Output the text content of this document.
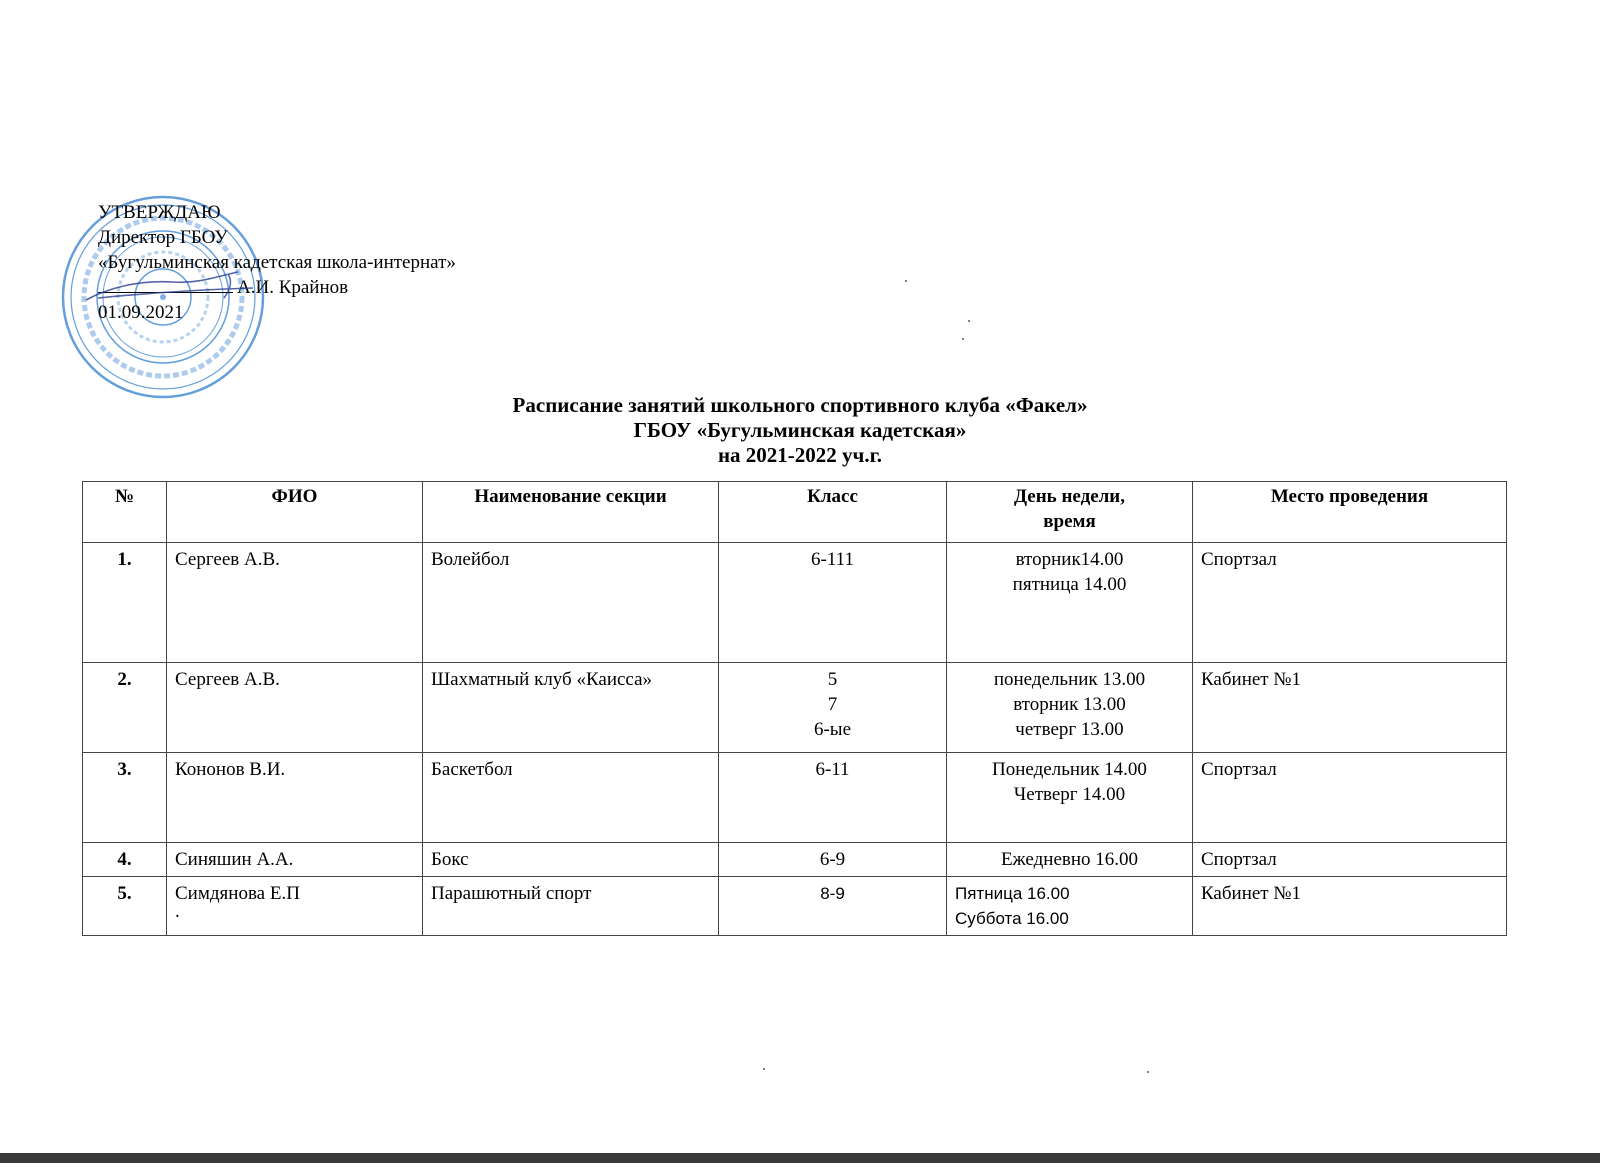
УТВЕРЖДАЮ
Директор ГБОУ
«Бугульминская кадетская школа-интернат»
А.И. Крайнов
01.09.2021
Расписание занятий школьного спортивного клуба «Факел»
ГБОУ «Бугульминская кадетская»
на 2021-2022 уч.г.
№	ФИО	Наименование секции	Класс	День недели,
время	Место проведения
1.	Сергеев А.В.	Волейбол	6-111	вторник14.00
пятница 14.00	Спортзал
2.	Сергеев А.В.	Шахматный клуб «Каисса»	5
7
6-ые	понедельник 13.00
вторник 13.00
четверг 13.00	Кабинет №1
3.	Кононов В.И.	Баскетбол	6-11	Понедельник 14.00
Четверг 14.00	Спортзал
4.	Синяшин А.А.	Бокс	6-9	Ежедневно 16.00	Спортзал
5.	Симдянова Е.П
.	Парашютный спорт	8-9	Пятница 16.00
Суббота 16.00	Кабинет №1
